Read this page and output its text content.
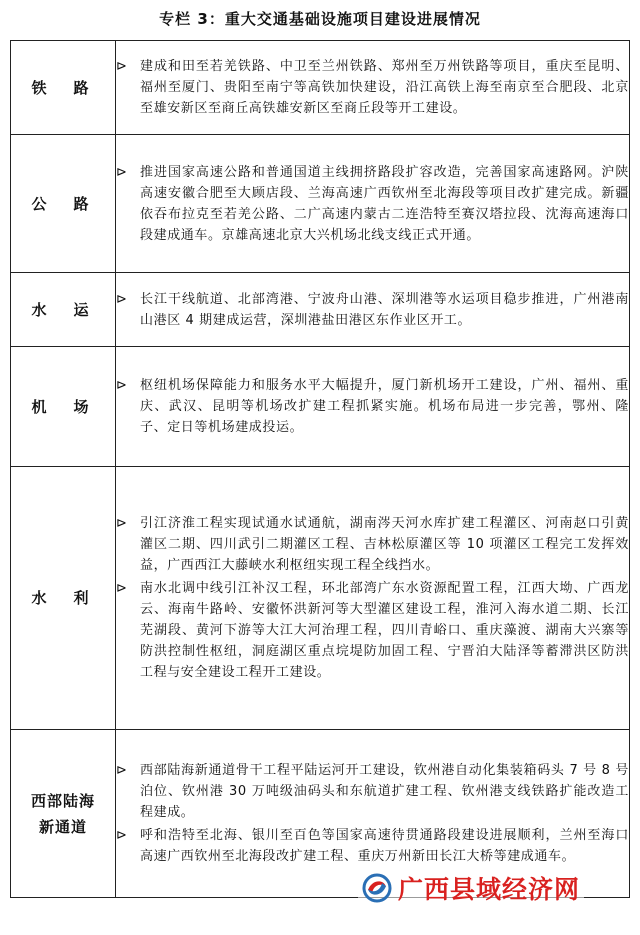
专栏 3：重大交通基础设施项目建设进展情况
铁　路	⊳ 建成和田至若羌铁路、中卫至兰州铁路、郑州至万州铁路等项目，重庆至昆明、福州至厦门、贵阳至南宁等高铁加快建设，沿江高铁上海至南京至合肥段、北京至雄安新区至商丘高铁雄安新区至商丘段等开工建设。

公　路	⊳ 推进国家高速公路和普通国道主线拥挤路段扩容改造，完善国家高速路网。沪陕高速安徽合肥至大顾店段、兰海高速广西钦州至北海段等项目改扩建完成。新疆依吞布拉克至若羌公路、二广高速内蒙古二连浩特至赛汉塔拉段、沈海高速海口段建成通车。京雄高速北京大兴机场北线支线正式开通。

水　运	⊳ 长江干线航道、北部湾港、宁波舟山港、深圳港等水运项目稳步推进，广州港南山港区 4 期建成运营，深圳港盐田港区东作业区开工。

机　场	⊳ 枢纽机场保障能力和服务水平大幅提升，厦门新机场开工建设，广州、福州、重庆、武汉、昆明等机场改扩建工程抓紧实施。机场布局进一步完善，鄂州、隆子、定日等机场建成投运。

水　利	⊳ 引江济淮工程实现试通水试通航，湖南涔天河水库扩建工程灌区、河南赵口引黄灌区二期、四川武引二期灌区工程、吉林松原灌区等 10 项灌区工程完工发挥效益，广西西江大藤峡水利枢纽实现工程全线挡水。
⊳ 南水北调中线引江补汉工程，环北部湾广东水资源配置工程，江西大坳、广西龙云、海南牛路岭、安徽怀洪新河等大型灌区建设工程，淮河入海水道二期、长江芜湖段、黄河下游等大江大河治理工程，四川青峪口、重庆藻渡、湖南大兴寨等防洪控制性枢纽，洞庭湖区重点垸堤防加固工程、宁晋泊大陆泽等蓄滞洪区防洪工程与安全建设工程开工建设。

西部陆海新通道	⊳ 西部陆海新通道骨干工程平陆运河开工建设，钦州港自动化集装箱码头 7 号 8 号泊位、钦州港 30 万吨级油码头和东航道扩建工程、钦州港支线铁路扩能改造工程建成。
⊳ 呼和浩特至北海、银川至百色等国家高速待贯通路段建设进展顺利，兰州至海口高速广西钦州至北海段改扩建工程、重庆万州新田长江大桥等建成通车。
广西县域经济网
